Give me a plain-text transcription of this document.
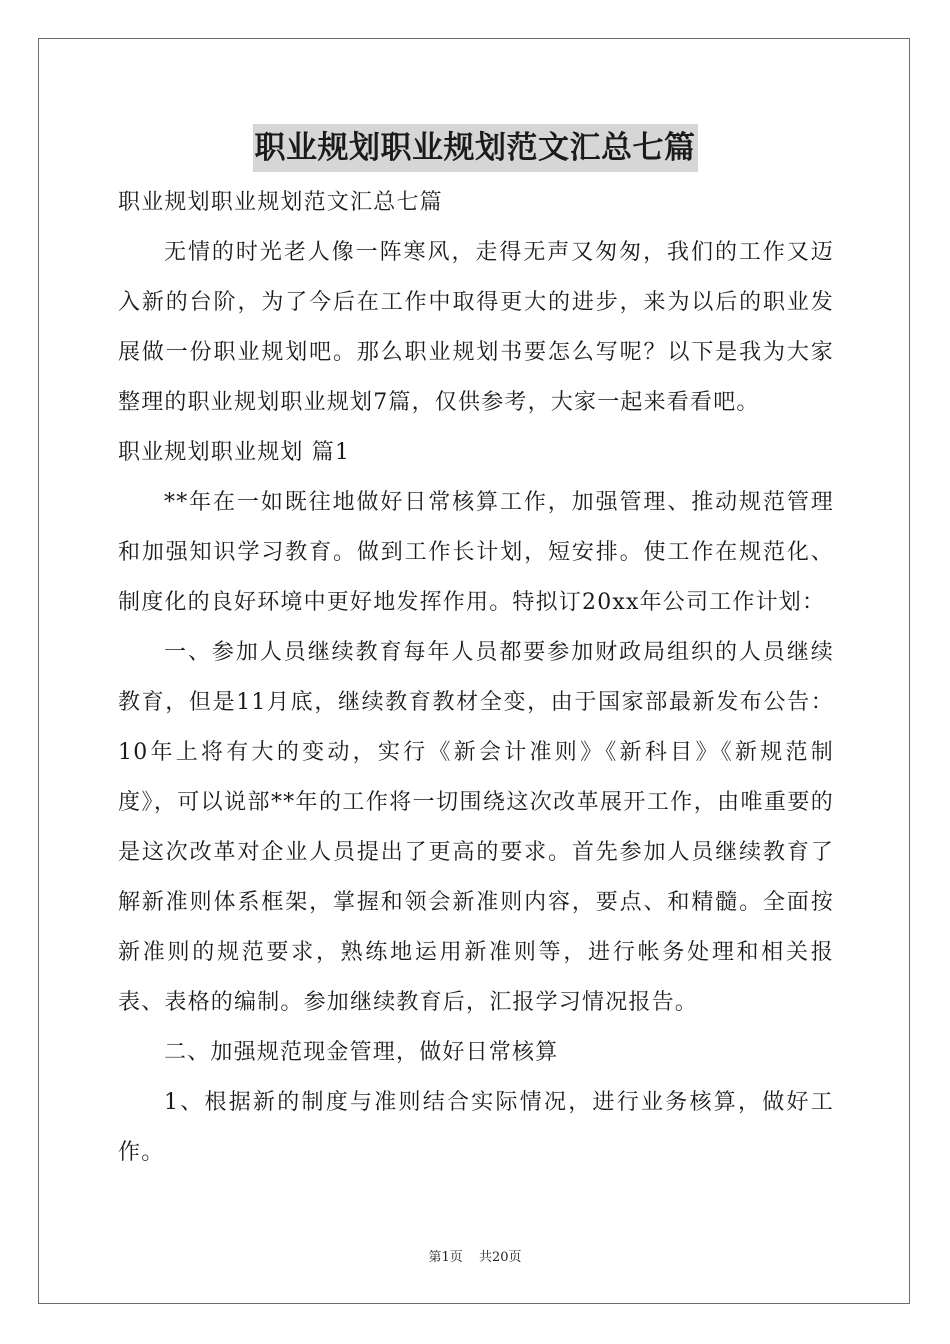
职业规划职业规划范文汇总七篇

职业规划职业规划范文汇总七篇

无情的时光老人像一阵寒风，走得无声又匆匆，我们的工作又迈入新的台阶，为了今后在工作中取得更大的进步，来为以后的职业发展做一份职业规划吧。那么职业规划书要怎么写呢？以下是我为大家整理的职业规划职业规划7篇，仅供参考，大家一起来看看吧。

职业规划职业规划 篇1

**年在一如既往地做好日常核算工作，加强管理、推动规范管理和加强知识学习教育。做到工作长计划，短安排。使工作在规范化、制度化的良好环境中更好地发挥作用。特拟订20xx年公司工作计划：

一、参加人员继续教育每年人员都要参加财政局组织的人员继续教育，但是11月底，继续教育教材全变，由于国家部最新发布公告：10年上将有大的变动，实行《新会计准则》《新科目》《新规范制度》，可以说部**年的工作将一切围绕这次改革展开工作，由唯重要的是这次改革对企业人员提出了更高的要求。首先参加人员继续教育了解新准则体系框架，掌握和领会新准则内容，要点、和精髓。全面按新准则的规范要求，熟练地运用新准则等，进行帐务处理和相关报表、表格的编制。参加继续教育后，汇报学习情况报告。

二、加强规范现金管理，做好日常核算

1、根据新的制度与准则结合实际情况，进行业务核算，做好工作。

第1页 共20页
